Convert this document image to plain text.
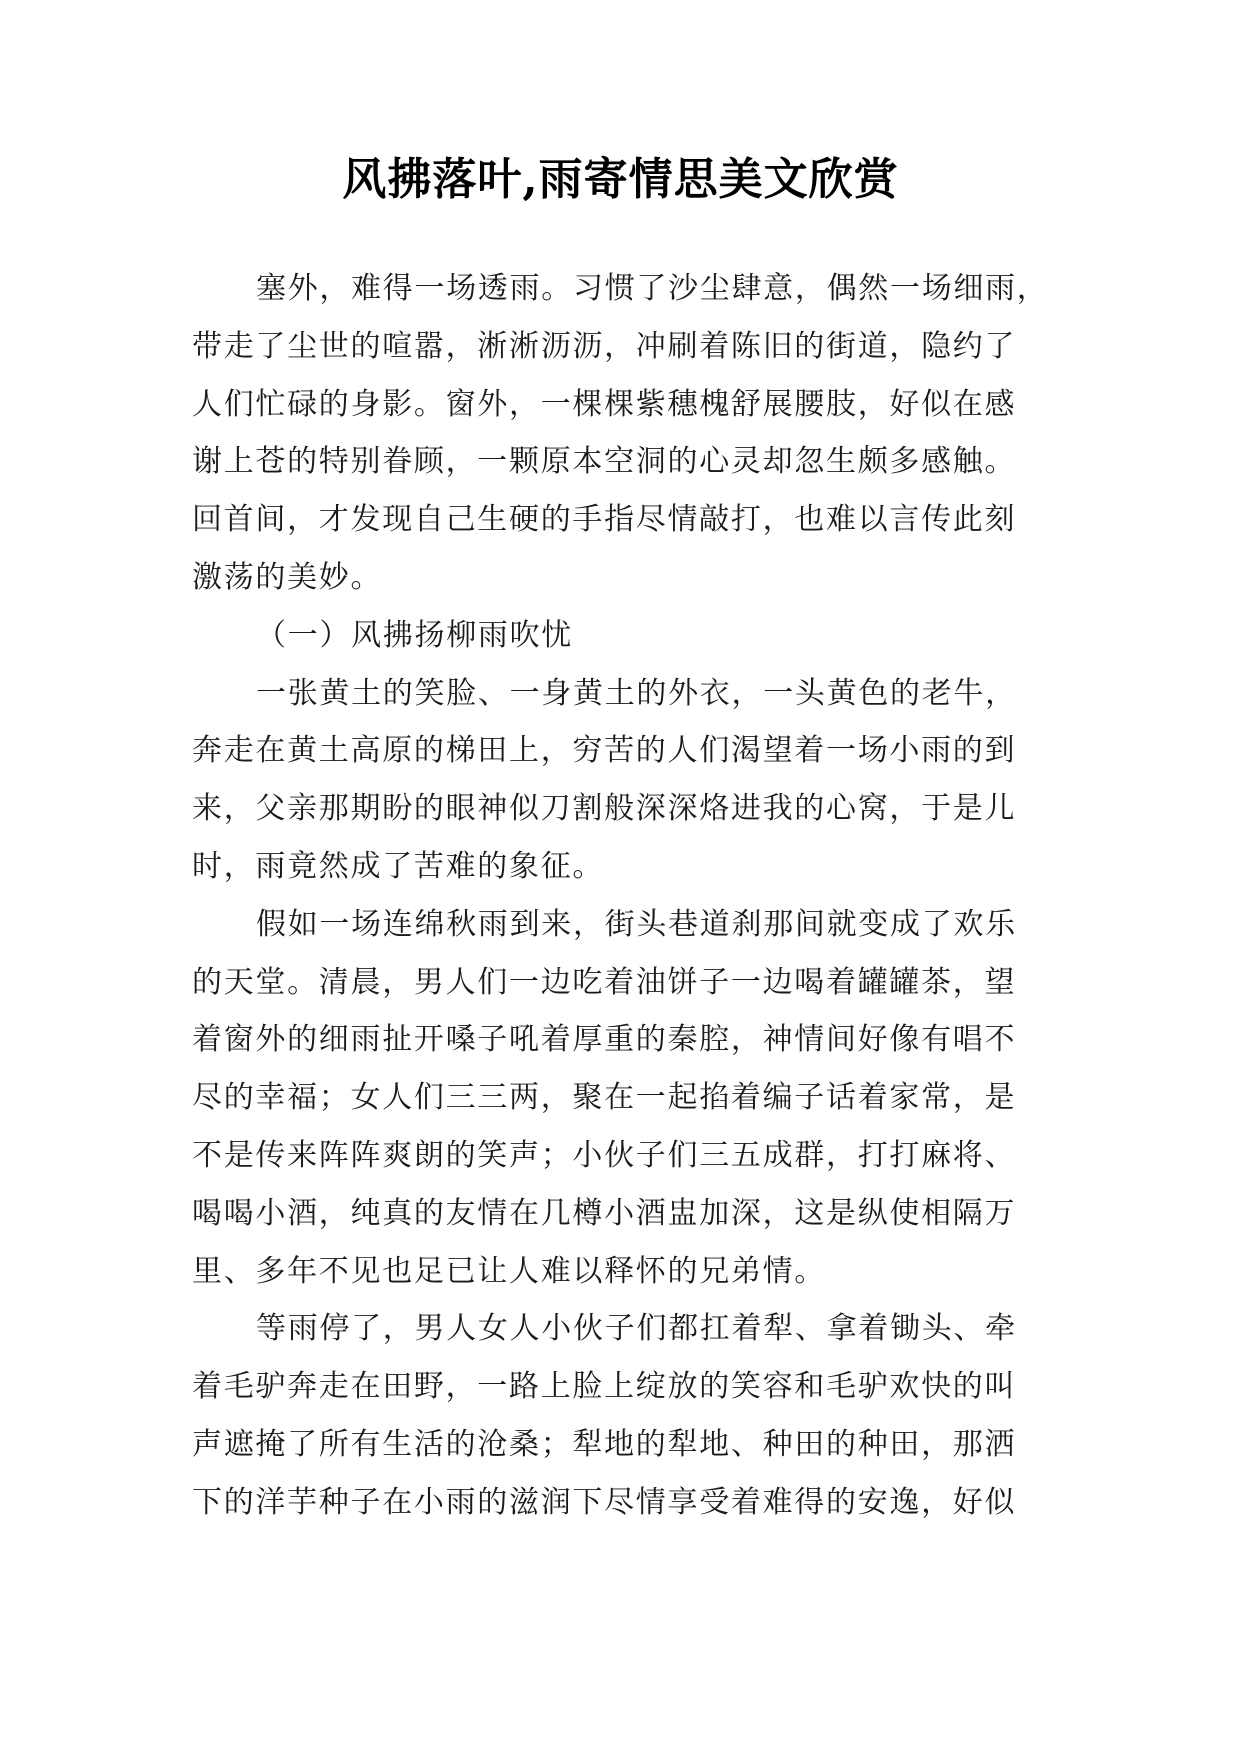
风拂落叶,雨寄情思美文欣赏
塞外，难得一场透雨。习惯了沙尘肆意，偶然一场细雨，
带走了尘世的喧嚣，淅淅沥沥，冲刷着陈旧的街道，隐约了
人们忙碌的身影。窗外，一棵棵紫穗槐舒展腰肢，好似在感
谢上苍的特别眷顾，一颗原本空洞的心灵却忽生颇多感触。
回首间，才发现自己生硬的手指尽情敲打，也难以言传此刻
激荡的美妙。
（一）风拂扬柳雨吹忧
一张黄土的笑脸、一身黄土的外衣，一头黄色的老牛，
奔走在黄土高原的梯田上，穷苦的人们渴望着一场小雨的到
来，父亲那期盼的眼神似刀割般深深烙进我的心窝，于是儿
时，雨竟然成了苦难的象征。
假如一场连绵秋雨到来，街头巷道刹那间就变成了欢乐
的天堂。清晨，男人们一边吃着油饼子一边喝着罐罐茶，望
着窗外的细雨扯开嗓子吼着厚重的秦腔，神情间好像有唱不
尽的幸福；女人们三三两，聚在一起掐着编子话着家常，是
不是传来阵阵爽朗的笑声；小伙子们三五成群，打打麻将、
喝喝小酒，纯真的友情在几樽小酒盅加深，这是纵使相隔万
里、多年不见也足已让人难以释怀的兄弟情。
等雨停了，男人女人小伙子们都扛着犁、拿着锄头、牵
着毛驴奔走在田野，一路上脸上绽放的笑容和毛驴欢快的叫
声遮掩了所有生活的沧桑；犁地的犁地、种田的种田，那洒
下的洋芋种子在小雨的滋润下尽情享受着难得的安逸，好似
